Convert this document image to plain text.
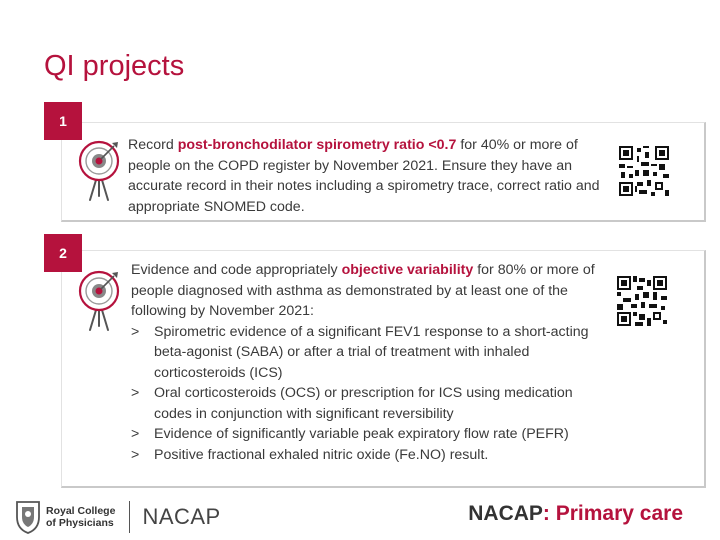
QI projects
1
Record post-bronchodilator spirometry ratio <0.7 for 40% or more of people on the COPD register by November 2021. Ensure they have an accurate record in their notes including a spirometry trace, correct ratio and appropriate SNOMED code.
2
Evidence and code appropriately objective variability for 80% or more of people diagnosed with asthma as demonstrated by at least one of the following by November 2021:
> Spirometric evidence of a significant FEV1 response to a short-acting beta-agonist (SABA) or after a trial of treatment with inhaled corticosteroids (ICS)
> Oral corticosteroids (OCS) or prescription for ICS using medication codes in conjunction with significant reversibility
> Evidence of significantly variable peak expiratory flow rate (PEFR)
> Positive fractional exhaled nitric oxide (Fe.NO) result.
Royal College
of Physicians NACAP	NACAP: Primary care
